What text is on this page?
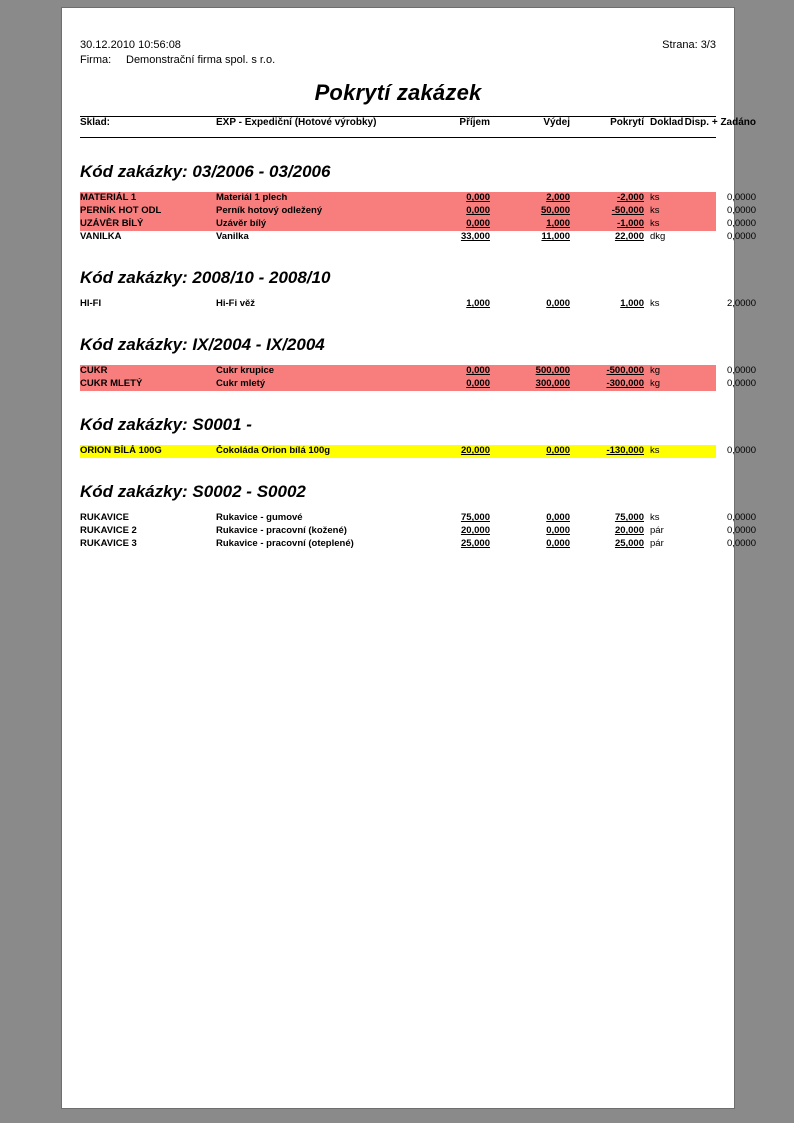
30.12.2010 10:56:08	Strana: 3/3
Firma:	Demonstrační firma spol. s r.o.
Pokrytí zakázek
Sklad:	EXP - Expediční (Hotové výrobky)	Příjem	Výdej	Pokrytí Doklad Disp. + Zadáno
Kód zakázky: 03/2006 - 03/2006
MATERIÁL 1	Materiál 1 plech	0,000	2,000	-2,000 ks	0,0000
PERNÍK HOT ODL	Perník hotový odležený	0,000	50,000	-50,000 ks	0,0000
UZÁVĚR BÍLÝ	Uzávěr bílý	0,000	1,000	-1,000 ks	0,0000
VANILKA	Vanilka	33,000	11,000	22,000 dkg	0,0000
Kód zakázky: 2008/10 - 2008/10
HI-FI	Hi-Fi věž	1,000	0,000	1,000 ks	2,0000
Kód zakázky: IX/2004 - IX/2004
CUKR	Cukr krupice	0,000	500,000	-500,000 kg	0,0000
CUKR MLETÝ	Cukr mletý	0,000	300,000	-300,000 kg	0,0000
Kód zakázky: S0001 -
ORION BÍLÁ 100G	Čokoláda Orion bílá 100g	20,000	0,000	-130,000 ks	0,0000
Kód zakázky: S0002 - S0002
RUKAVICE	Rukavice - gumové	75,000	0,000	75,000 ks	0,0000
RUKAVICE 2	Rukavice - pracovní (kožené)	20,000	0,000	20,000 pár	0,0000
RUKAVICE 3	Rukavice - pracovní (oteplené)	25,000	0,000	25,000 pár	0,0000
